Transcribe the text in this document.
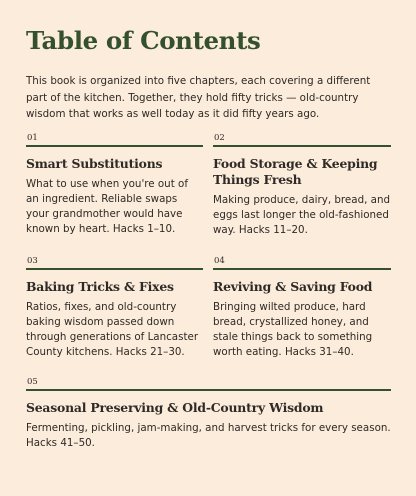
Table of Contents

This book is organized into five chapters, each covering a different part of the kitchen. Together, they hold fifty tricks — old-country wisdom that works as well today as it did fifty years ago.

01
Smart Substitutions
What to use when you're out of an ingredient. Reliable swaps your grandmother would have known by heart. Hacks 1–10.
02
Food Storage & Keeping Things Fresh
Making produce, dairy, bread, and eggs last longer the old-fashioned way. Hacks 11–20.
03
Baking Tricks & Fixes
Ratios, fixes, and old-country baking wisdom passed down through generations of Lancaster County kitchens. Hacks 21–30.
04
Reviving & Saving Food
Bringing wilted produce, hard bread, crystallized honey, and stale things back to something worth eating. Hacks 31–40.
05
Seasonal Preserving & Old-Country Wisdom
Fermenting, pickling, jam-making, and harvest tricks for every season. Hacks 41–50.
